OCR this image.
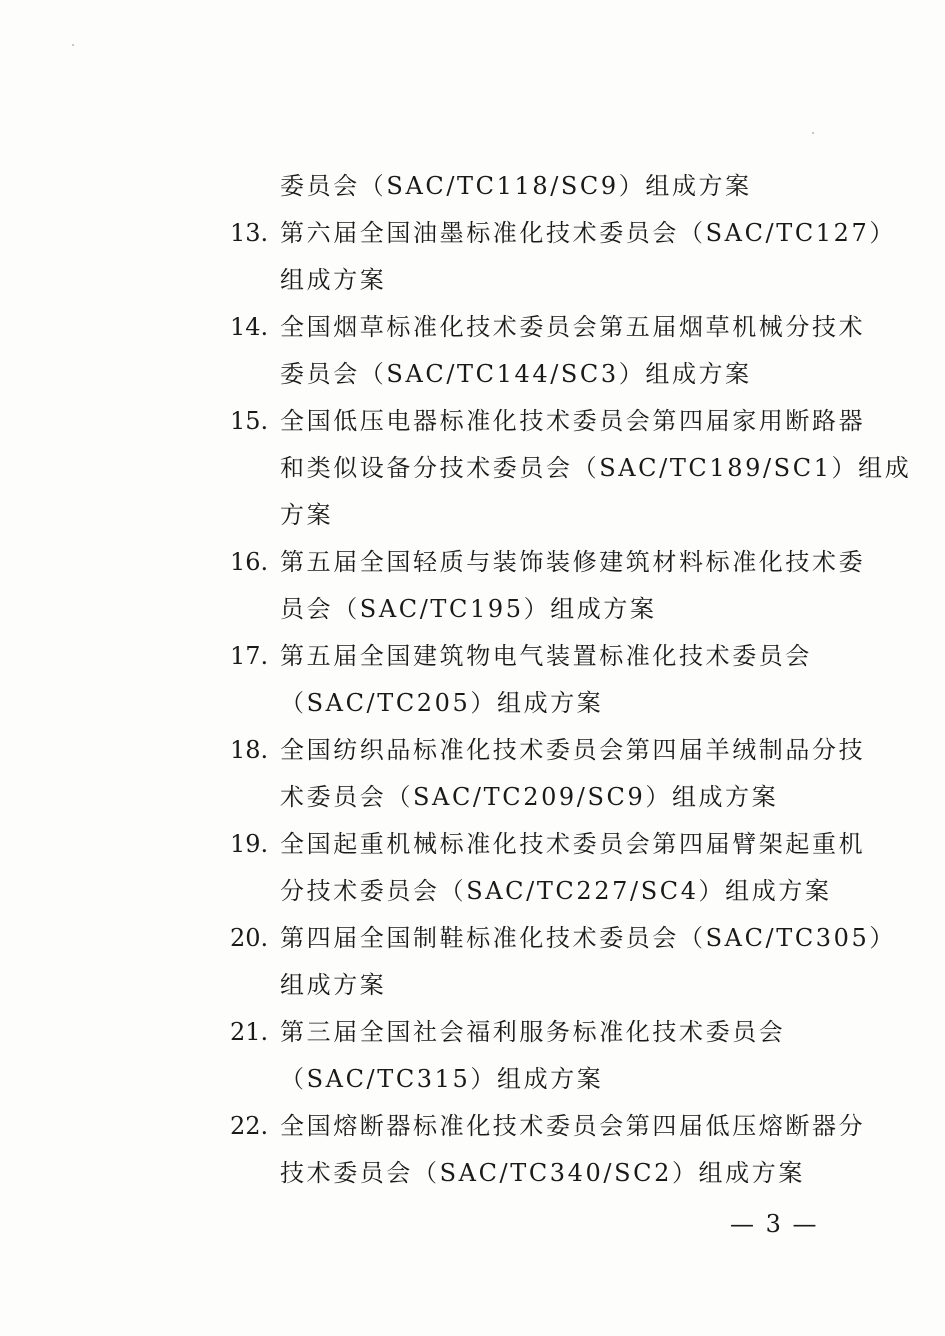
委员会（SAC/TC118/SC9）组成方案
13. 第六届全国油墨标准化技术委员会（SAC/TC127）
组成方案
14. 全国烟草标准化技术委员会第五届烟草机械分技术
委员会（SAC/TC144/SC3）组成方案
15. 全国低压电器标准化技术委员会第四届家用断路器
和类似设备分技术委员会（SAC/TC189/SC1）组成
方案
16. 第五届全国轻质与装饰装修建筑材料标准化技术委
员会（SAC/TC195）组成方案
17. 第五届全国建筑物电气装置标准化技术委员会
（SAC/TC205）组成方案
18. 全国纺织品标准化技术委员会第四届羊绒制品分技
术委员会（SAC/TC209/SC9）组成方案
19. 全国起重机械标准化技术委员会第四届臂架起重机
分技术委员会（SAC/TC227/SC4）组成方案
20. 第四届全国制鞋标准化技术委员会（SAC/TC305）
组成方案
21. 第三届全国社会福利服务标准化技术委员会
（SAC/TC315）组成方案
22. 全国熔断器标准化技术委员会第四届低压熔断器分
技术委员会（SAC/TC340/SC2）组成方案
— 3 —
